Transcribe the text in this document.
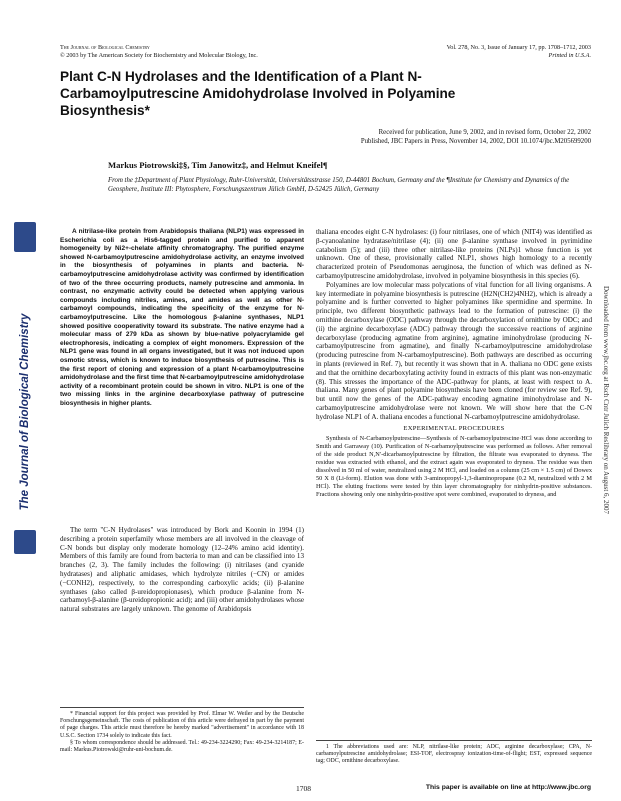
The Journal of Biological Chemistry	Downloaded from www.jbc.org at Rsch Cntr Julich Reslibrary on August 6, 2007
The Journal of Biological Chemistry
© 2003 by The American Society for Biochemistry and Molecular Biology, Inc.
Vol. 278, No. 3, Issue of January 17, pp. 1708–1712, 2003
Printed in U.S.A.
Plant C-N Hydrolases and the Identification of a Plant N-Carbamoylputrescine Amidohydrolase Involved in Polyamine Biosynthesis*
Received for publication, June 9, 2002, and in revised form, October 22, 2002
Published, JBC Papers in Press, November 14, 2002, DOI 10.1074/jbc.M205699200
Markus Piotrowski‡§, Tim Janowitz‡, and Helmut Kneifel¶
From the ‡Department of Plant Physiology, Ruhr-Universität, Universitätsstrasse 150, D-44801 Bochum, Germany and the ¶Institute for Chemistry and Dynamics of the Geosphere, Institute III: Phytosphere, Forschungszentrum Jülich GmbH, D-52425 Jülich, Germany

A nitrilase-like protein from Arabidopsis thaliana (NLP1) was expressed in Escherichia coli as a His6-tagged protein and purified to apparent homogeneity by Ni2+-chelate affinity chromatography. The purified enzyme showed N-carbamoylputrescine amidohydrolase activity, an enzyme involved in the biosynthesis of polyamines in plants and bacteria. N-carbamoylputrescine amidohydrolase activity was confirmed by identification of two of the three occurring products, namely putrescine and ammonia. In contrast, no enzymatic activity could be detected when applying various compounds including nitriles, amines, and amides as well as other N-carbamoyl compounds, indicating the specificity of the enzyme for N-carbamoylputrescine. Like the homologous β-alanine synthases, NLP1 showed positive cooperativity toward its substrate. The native enzyme had a molecular mass of 279 kDa as shown by blue-native polyacrylamide gel electrophoresis, indicating a complex of eight monomers. Expression of the NLP1 gene was found in all organs investigated, but it was not induced upon osmotic stress, which is known to induce biosynthesis of putrescine. This is the first report of cloning and expression of a plant N-carbamoylputrescine amidohydrolase and the first time that N-carbamoylputrescine amidohydrolase activity of a recombinant protein could be shown in vitro. NLP1 is one of the two missing links in the arginine decarboxylase pathway of putrescine biosynthesis in higher plants.

The term "C-N Hydrolases" was introduced by Bork and Koonin in 1994 (1) describing a protein superfamily whose members are all involved in the cleavage of C-N bonds but display only moderate homology (12–24% amino acid identity). Members of this family are found from bacteria to man and can be classified into 13 branches (2, 3). The family includes the following: (i) nitrilases (and cyanide hydratases) and aliphatic amidases, which hydrolyze nitriles (−CN) or amides (−CONH2), respectively, to the corresponding carboxylic acids; (ii) β-alanine synthases (also called β-ureidopropionases), which produce β-alanine from N-carbamoyl-β-alanine (β-ureidopropionic acid); and (iii) other amidohydrolases whose natural substrates are largely unknown. The genome of Arabidopsis

thaliana encodes eight C-N hydrolases: (i) four nitrilases, one of which (NIT4) was identified as β-cyanoalanine hydratase/nitrilase (4); (ii) one β-alanine synthase involved in pyrimidine catabolism (5); and (iii) three other nitrilase-like proteins (NLPs)1 whose function is yet unknown. One of these, provisionally called NLP1, shows high homology to a recently characterized protein of Pseudomonas aeruginosa, the function of which was defined as N-carbamoylputrescine amidohydrolase, involved in polyamine biosynthesis in this species (6).

Polyamines are low molecular mass polycations of vital function for all living organisms. A key intermediate in polyamine biosynthesis is putrescine (H2N(CH2)4NH2), which is already a polyamine and is further converted to higher polyamines like spermidine and spermine. In principle, two different biosynthetic pathways lead to the formation of putrescine: (i) the ornithine decarboxylase (ODC) pathway through the decarboxylation of ornithine by ODC; and (ii) the arginine decarboxylase (ADC) pathway through the successive reactions of arginine decarboxylase (producing agmatine from arginine), agmatine iminohydrolase (producing N-carbamoylputrescine from agmatine), and finally N-carbamoylputrescine amidohydrolase (producing putrescine from N-carbamoylputrescine). Both pathways are described as occurring in plants (reviewed in Ref. 7), but recently it was shown that in A. thaliana no ODC gene exists and that the ornithine decarboxylating activity found in extracts of this plant was non-enzymatic (8). This stresses the importance of the ADC-pathway for plants, at least with respect to A. thaliana. Many genes of plant polyamine biosynthesis have been cloned (for review see Ref. 9), but until now the genes of the ADC-pathway encoding agmatine iminohydrolase and N-carbamoylputrescine amidohydrolase were not known. We will show here that the C-N hydrolase NLP1 of A. thaliana encodes a functional N-carbamoylputrescine amidohydrolase.

EXPERIMENTAL PROCEDURES

Synthesis of N-Carbamoylputrescine—Synthesis of N-carbamoylputrescine·HCl was done according to Smith and Garraway (10). Purification of N-carbamoylputrescine was performed as follows. After removal of the side product N,N′-dicarbamoylputrescine by filtration, the filtrate was evaporated to dryness. The residue was extracted with ethanol, and the extract again was evaporated to dryness. The residue was then dissolved in 50 ml of water, neutralized using 2 M HCl, and loaded on a column (25 cm × 1.5 cm) of Dowex 50 X 8 (Li-form). Elution was done with 3-aminopropyl-1,3-diaminopropane (0.2 M, neutralized with 2 M HCl). The eluting fractions were tested by thin layer chromatography for ninhydrin-positive substances. Fractions showing only one ninhydrin-positive spot were combined, evaporated to dryness, and

* Financial support for this project was provided by Prof. Elmar W. Weiler and by the Deutsche Forschungsgemeinschaft. The costs of publication of this article were defrayed in part by the payment of page charges. This article must therefore be hereby marked "advertisement" in accordance with 18 U.S.C. Section 1734 solely to indicate this fact.

§ To whom correspondence should be addressed. Tel.: 49-234-3224290; Fax: 49-234-3214187; E-mail: Markus.Piotrowski@ruhr-uni-bochum.de.

1 The abbreviations used are: NLP, nitrilase-like protein; ADC, arginine decarboxylase; CPA, N-carbamoylputrescine amidohydrolase; ESI-TOF, electrospray ionization-time-of-flight; EST, expressed sequence tag; ODC, ornithine decarboxylase.

1708	This paper is available on line at http://www.jbc.org
